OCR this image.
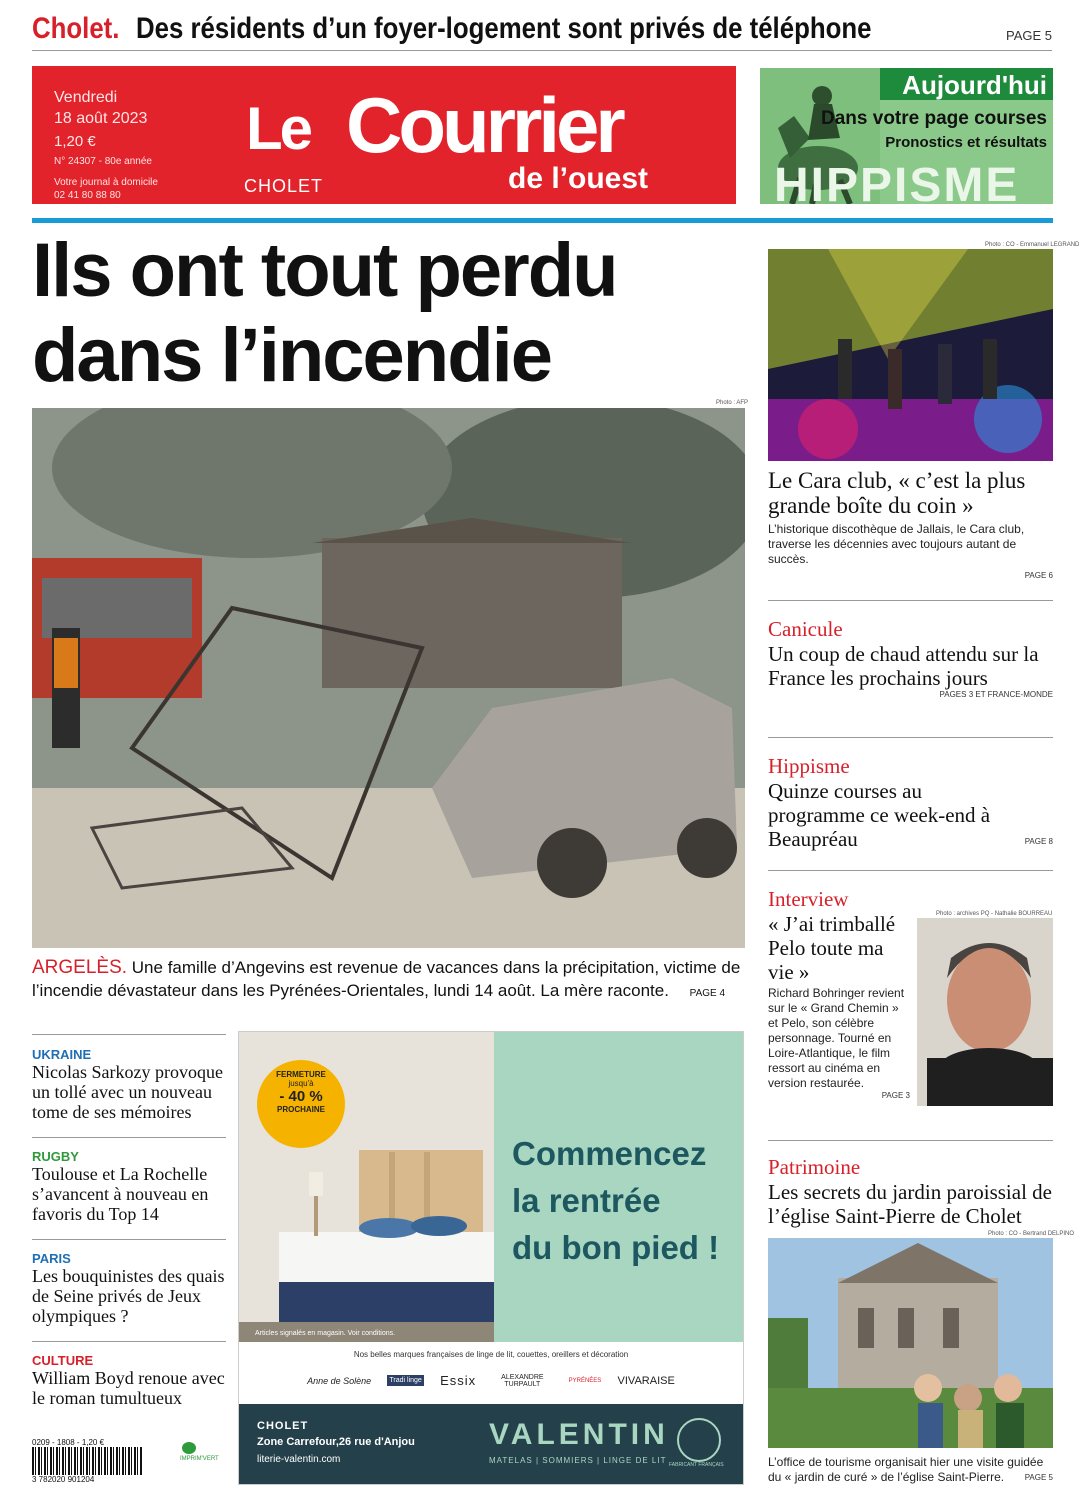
Cholet. Des résidents d’un foyer-logement sont privés de téléphone	PAGE 5
Vendredi
18 août 2023
1,20 €
N° 24307 - 80e année
Votre journal à domicile
02 41 80 88 80
Le Courrier
de l’ouest
CHOLET
Aujourd'hui
Dans votre page courses
Pronostics et résultats
HIPPISME
Ils ont tout perdu
dans l’incendie
Photo : AFP
ARGELÈS. Une famille d’Angevins est revenue de vacances dans la précipitation, victime de l’incendie dévastateur dans les Pyrénées-Orientales, lundi 14 août. La mère raconte. PAGE 4
Photo : CO - Emmanuel LEGRAND
Le Cara club, « c’est la plus grande boîte du coin »
L’historique discothèque de Jallais, le Cara club, traverse les décennies avec toujours autant de succès.
PAGE 6
Canicule
Un coup de chaud attendu sur la France les prochains jours
PAGES 3 ET FRANCE-MONDE
Hippisme
Quinze courses au programme ce week-end à Beaupréau	PAGE 8
Interview
« J’ai trimballé Pelo toute ma vie »
Richard Bohringer revient sur le « Grand Chemin » et Pelo, son célèbre personnage. Tourné en Loire-Atlantique, le film ressort au cinéma en version restaurée.
PAGE 3
Photo : archives PQ - Nathalie BOURREAU
Patrimoine
Les secrets du jardin paroissial de l’église Saint-Pierre de Cholet
Photo : CO - Bertrand DELPINO
L’office de tourisme organisait hier une visite guidée du « jardin de curé » de l’église Saint-Pierre.	PAGE 5
UKRAINE
Nicolas Sarkozy provoque un tollé avec un nouveau tome de ses mémoires
RUGBY
Toulouse et La Rochelle s’avancent à nouveau en favoris du Top 14
PARIS
Les bouquinistes des quais de Seine privés de Jeux olympiques ?
CULTURE
William Boyd renoue avec le roman tumultueux
0209 - 1808 - 1,20 €
3 782020 901204
IMPRIM'VERT
Articles signalés en magasin. Voir conditions.
FERMETURE
jusqu'à
- 40 %
PROCHAINE
Commencez
la rentrée
du bon pied !
Nos belles marques françaises de linge de lit, couettes, oreillers et décoration
Anne de Solène	Tradi linge Essix	ALEXANDRE TURPAULT	PYRÉNÉES VIVARAISE
CHOLET
Zone Carrefour,26 rue d'Anjou
literie-valentin.com
VALENTIN
MATELAS | SOMMIERS | LINGE DE LIT FABRICANT FRANÇAIS
